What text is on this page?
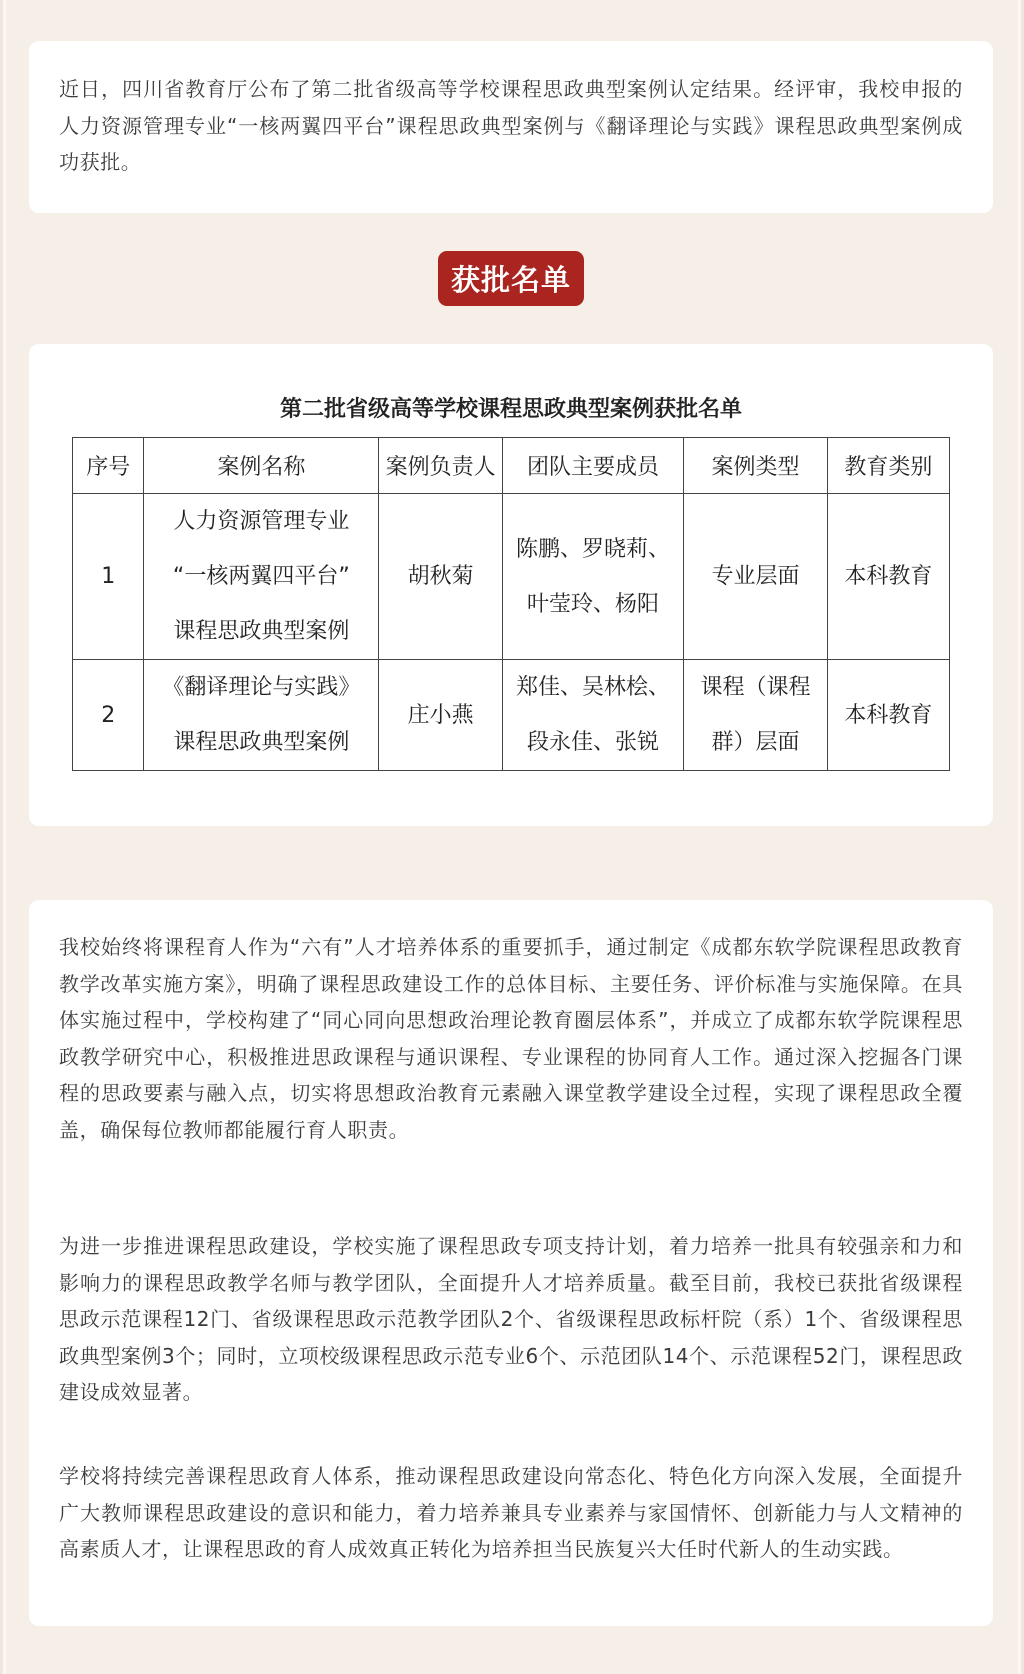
近日，四川省教育厅公布了第二批省级高等学校课程思政典型案例认定结果。经评审，我校申报的人力资源管理专业“一核两翼四平台”课程思政典型案例与《翻译理论与实践》课程思政典型案例成功获批。

获批名单
第二批省级高等学校课程思政典型案例获批名单
序号	案例名称	案例负责人	团队主要成员	案例类型	教育类别
1	人力资源管理专业
“一核两翼四平台”
课程思政典型案例	胡秋菊	陈鹏、罗晓莉、
叶莹玲、杨阳	专业层面	本科教育
2	《翻译理论与实践》
课程思政典型案例	庄小燕	郑佳、吴林桧、
段永佳、张锐	课程（课程
群）层面	本科教育

我校始终将课程育人作为“六有”人才培养体系的重要抓手，通过制定《成都东软学院课程思政教育教学改革实施方案》，明确了课程思政建设工作的总体目标、主要任务、评价标准与实施保障。在具体实施过程中，学校构建了“同心同向思想政治理论教育圈层体系”，并成立了成都东软学院课程思政教学研究中心，积极推进思政课程与通识课程、专业课程的协同育人工作。通过深入挖掘各门课程的思政要素与融入点，切实将思想政治教育元素融入课堂教学建设全过程，实现了课程思政全覆盖，确保每位教师都能履行育人职责。

为进一步推进课程思政建设，学校实施了课程思政专项支持计划，着力培养一批具有较强亲和力和影响力的课程思政教学名师与教学团队，全面提升人才培养质量。截至目前，我校已获批省级课程思政示范课程12门、省级课程思政示范教学团队2个、省级课程思政标杆院（系）1个、省级课程思政典型案例3个；同时，立项校级课程思政示范专业6个、示范团队14个、示范课程52门，课程思政建设成效显著。

学校将持续完善课程思政育人体系，推动课程思政建设向常态化、特色化方向深入发展，全面提升广大教师课程思政建设的意识和能力，着力培养兼具专业素养与家国情怀、创新能力与人文精神的高素质人才，让课程思政的育人成效真正转化为培养担当民族复兴大任时代新人的生动实践。
